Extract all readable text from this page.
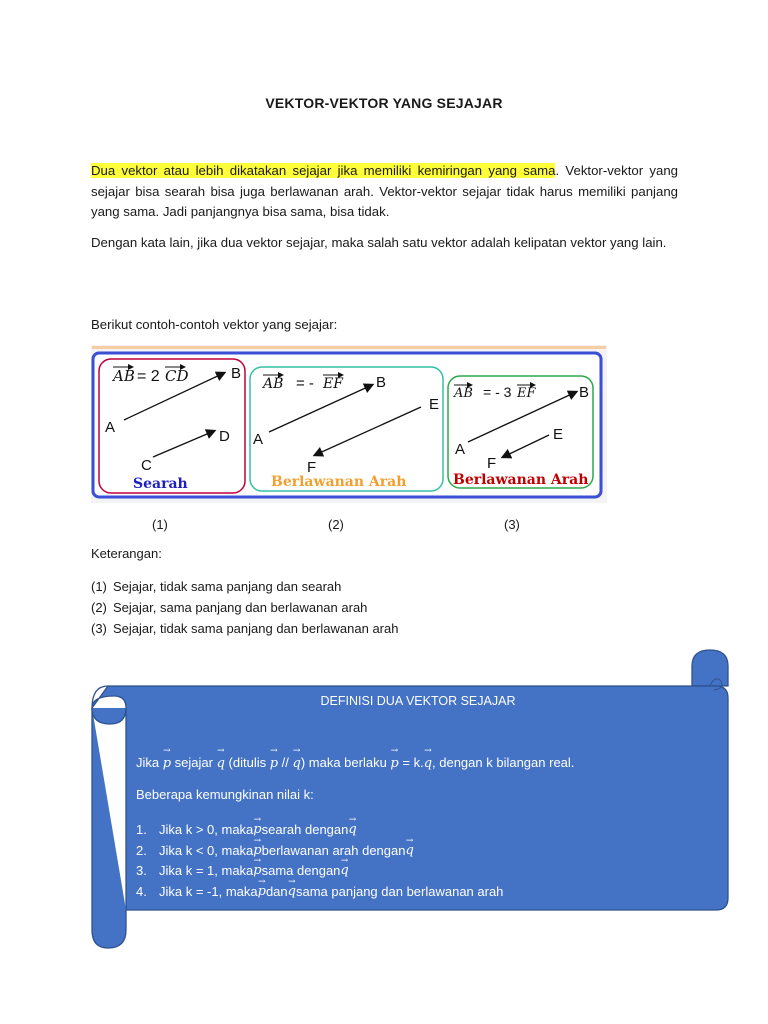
VEKTOR-VEKTOR YANG SEJAJAR
Dua vektor atau lebih dikatakan sejajar jika memiliki kemiringan yang sama. Vektor-vektor yang sejajar bisa searah bisa juga berlawanan arah. Vektor-vektor sejajar tidak harus memiliki panjang yang sama. Jadi panjangnya bisa sama, bisa tidak.
Dengan kata lain, jika dua vektor sejajar, maka salah satu vektor adalah kelipatan vektor yang lain.
Berikut contoh-contoh vektor yang sejajar:
AB = 2 CD
A
B
C
D
Searah
AB = - EF
A
B
E
F
Berlawanan Arah
AB = - 3 EF
A
B
E
F
Berlawanan Arah
(1)	(2)	(3)
Keterangan:
(1) Sejajar, tidak sama panjang dan searah
(2) Sejajar, sama panjang dan berlawanan arah
(3) Sejajar, tidak sama panjang dan berlawanan arah
DEFINISI DUA VEKTOR SEJAJAR
Jika → p sejajar → q (ditulis → p // → q) maka berlaku → p = k.→ q, dengan k bilangan real.
Beberapa kemungkinan nilai k:
1. Jika k > 0, maka → p searah dengan → q
2. Jika k < 0, maka → p berlawanan arah dengan → q
3. Jika k = 1, maka → p sama dengan → q
4. Jika k = -1, maka → p dan → q sama panjang dan berlawanan arah
